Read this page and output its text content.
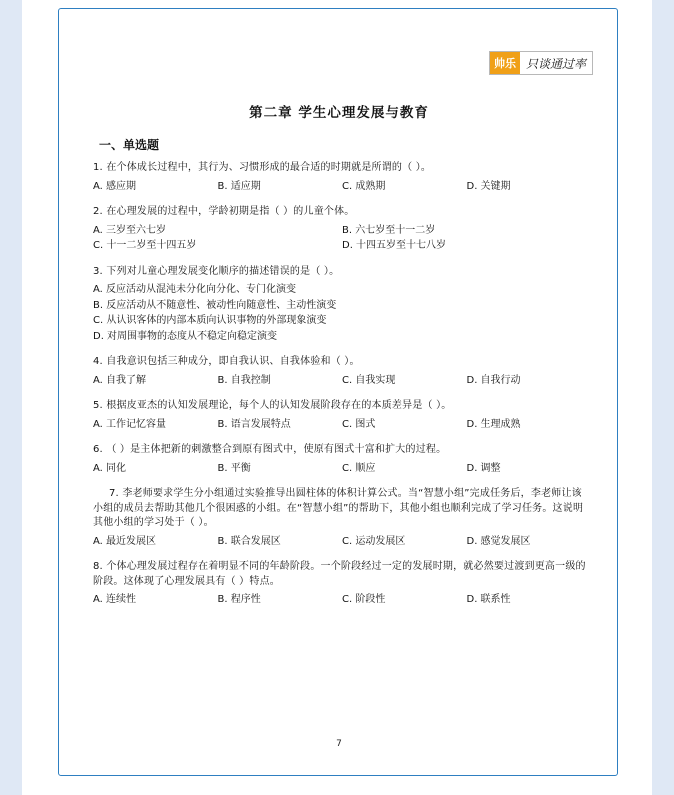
帅乐 只谈通过率
第二章 学生心理发展与教育
一、单选题

1. 在个体成长过程中，其行为、习惯形成的最合适的时期就是所谓的（ ）。

A. 感应期	B. 适应期	C. 成熟期	D. 关键期

2. 在心理发展的过程中，学龄初期是指（ ）的儿童个体。

A. 三岁至六七岁	B. 六七岁至十一二岁
C. 十一二岁至十四五岁	D. 十四五岁至十七八岁

3. 下列对儿童心理发展变化顺序的描述错误的是（ ）。

A. 反应活动从混沌未分化向分化、专门化演变
B. 反应活动从不随意性、被动性向随意性、主动性演变
C. 从认识客体的内部本质向认识事物的外部现象演变
D. 对周围事物的态度从不稳定向稳定演变

4. 自我意识包括三种成分，即自我认识、自我体验和（ ）。

A. 自我了解	B. 自我控制	C. 自我实现	D. 自我行动

5. 根据皮亚杰的认知发展理论，每个人的认知发展阶段存在的本质差异是（ ）。

A. 工作记忆容量	B. 语言发展特点	C. 图式	D. 生理成熟

6. （ ）是主体把新的刺激整合到原有图式中，使原有图式十富和扩大的过程。

A. 同化	B. 平衡	C. 顺应	D. 调整

7. 李老师要求学生分小组通过实验推导出圆柱体的体积计算公式。当“智慧小组”完成任务后，李老师让该小组的成员去帮助其他几个很困惑的小组。在“智慧小组”的帮助下，其他小组也顺利完成了学习任务。这说明其他小组的学习处于（ ）。

A. 最近发展区	B. 联合发展区	C. 运动发展区	D. 感觉发展区

8. 个体心理发展过程存在着明显不同的年龄阶段。一个阶段经过一定的发展时期，就必然要过渡到更高一级的阶段。这体现了心理发展具有（ ）特点。

A. 连续性	B. 程序性	C. 阶段性	D. 联系性
7
